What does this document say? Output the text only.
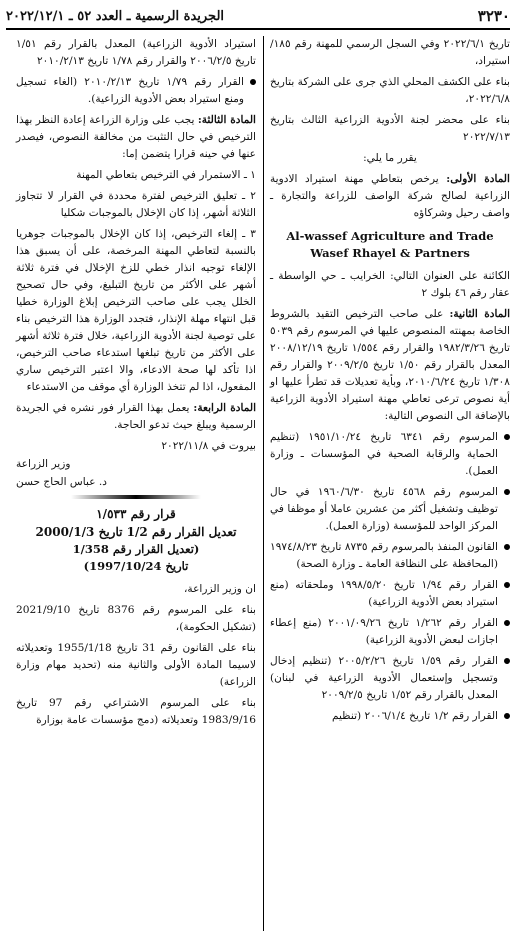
٣٢٣٠
الجريدة الرسمية ـ العدد ٥٢ ـ ٢٠٢٢/١٢/١

تاريخ ٢٠٢٢/٦/١ وفي السجل الرسمي للمهنة رقم ١٨٥/استيراد،

بناء على الكشف المحلي الذي جرى على الشركة بتاريخ ٢٠٢٢/٦/٨،

بناء على محضر لجنة الأدوية الزراعية الثالث بتاريخ ٢٠٢٢/٧/١٣

يقرر ما يلي:

المادة الأولى: يرخص بتعاطي مهنة استيراد الادوية الزراعية لصالح شركة الواصف للزراعة والتجارة ـ واصف رحيل وشركاؤه

Al-wassef Agriculture and Trade Wasef Rhayel & Partners

الكائنة على العنوان التالي: الخرايب ـ حي الواسطة ـ عقار رقم ٤٦ بلوك ٢

المادة الثانية: على صاحب الترخيص التقيد بالشروط الخاصة بمهنته المنصوص عليها في المرسوم رقم ٥٠٣٩ تاريخ ١٩٨٢/٣/٢٦ والقرار رقم ١/٥٥٤ تاريخ ٢٠٠٨/١٢/١٩ المعدل بالقرار رقم ١/٥٠ تاريخ ٢٠٠٩/٢/٥ والقرار رقم ١/٣٠٨ تاريخ ٢٠١٠/٦/٢٤، وبأية تعديلات قد تطرأ عليها او أية نصوص ترعى تعاطي مهنة استيراد الأدوية الزراعية بالإضافة الى النصوص التالية:

المرسوم رقم ٦٣٤١ تاريخ ١٩٥١/١٠/٢٤ (تنظيم الحماية والرقابة الصحية في المؤسسات ـ وزارة العمل).

المرسوم رقم ٤٥٦٨ تاريخ ١٩٦٠/٦/٣٠ في حال توظيف وتشغيل أكثر من عشرين عاملا أو موظفا في المركز الواحد للمؤسسة (وزارة العمل).

القانون المنفذ بالمرسوم رقم ٨٧٣٥ تاريخ ١٩٧٤/٨/٢٣ (المحافظة على النظافة العامة ـ وزارة الصحة)

القرار رقم ١/٩٤ تاريخ ١٩٩٨/٥/٢٠ وملحقاته (منع استيراد بعض الأدوية الزراعية)

القرار رقم ١/٢٦٢ تاريخ ٢٠٠١/٠٩/٢٦ (منع إعطاء اجازات لبعض الأدوية الزراعية)

القرار رقم ١/٥٩ تاريخ ٢٠٠٥/٢/٢٦ (تنظيم إدخال وتسجيل وإستعمال الأدوية الزراعية في لبنان) المعدل بالقرار رقم ١/٥٢ تاريخ ٢٠٠٩/٢/٥

القرار رقم ١/٢ تاريخ ٢٠٠٦/١/٤ (تنظيم

استيراد الأدوية الزراعية) المعدل بالقرار رقم ١/٥١ تاريخ ٢٠٠٦/٢/٥ والقرار رقم ١/٧٨ تاريخ ٢٠١٠/٢/١٣

القرار رقم ١/٧٩ تاريخ ٢٠١٠/٢/١٣ (الغاء تسجيل ومنع استيراد بعض الأدوية الزراعية).

المادة الثالثة: يجب على وزارة الزراعة إعادة النظر بهذا الترخيص في حال التثبت من مخالفة النصوص، فيصدر عنها في حينه قرارا يتضمن إما:

١ ـ الاستمرار في الترخيص بتعاطي المهنة

٢ ـ تعليق الترخيص لفترة محددة في القرار لا تتجاوز الثلاثة أشهر، إذا كان الإخلال بالموجبات شكليا

٣ ـ إلغاء الترخيص، إذا كان الإخلال بالموجبات جوهريا بالنسبة لتعاطي المهنة المرخصة، على أن يسبق هذا الإلغاء توجيه انذار خطي للزخ الإخلال في فترة ثلاثة أشهر على الأكثر من تاريخ التبليغ، وفي حال تصحيح الخلل يجب على صاحب الترخيص إبلاغ الوزارة خطيا قبل انتهاء مهلة الإنذار، فتجدد الوزارة هذا الترخيص بناء على توصية لجنة الأدوية الزراعية، خلال فترة ثلاثة أشهر على الأكثر من تاريخ تبلغها استدعاء صاحب الترخيص، اذا تأكد لها صحة الادعاء، والا اعتبر الترخيص ساري المفعول، اذا لم تتخذ الوزارة أي موقف من الاستدعاء

المادة الرابعة: يعمل بهذا القرار فور نشره في الجريدة الرسمية ويبلغ حيث تدعو الحاجة.

بيروت في ٢٠٢٢/١١/٨

وزير الزراعة

د. عباس الحاج حسن

قرار رقم ١/٥٣٣

تعديل القرار رقم 1/2 تاريخ 2000/1/3

(تعديل القرار رقم 1/358

تاريخ 1997/10/24)

ان وزير الزراعة،

بناء على المرسوم رقم 8376 تاريخ 2021/9/10 (تشكيل الحكومة)،

بناء على القانون رقم 31 تاريخ 1955/1/18 وتعديلاته لاسيما المادة الأولى والثانية منه (تحديد مهام وزارة الزراعة)

بناء على المرسوم الاشتراعي رقم 97 تاريخ 1983/9/16 وتعديلاته (دمج مؤسسات عامة بوزارة
